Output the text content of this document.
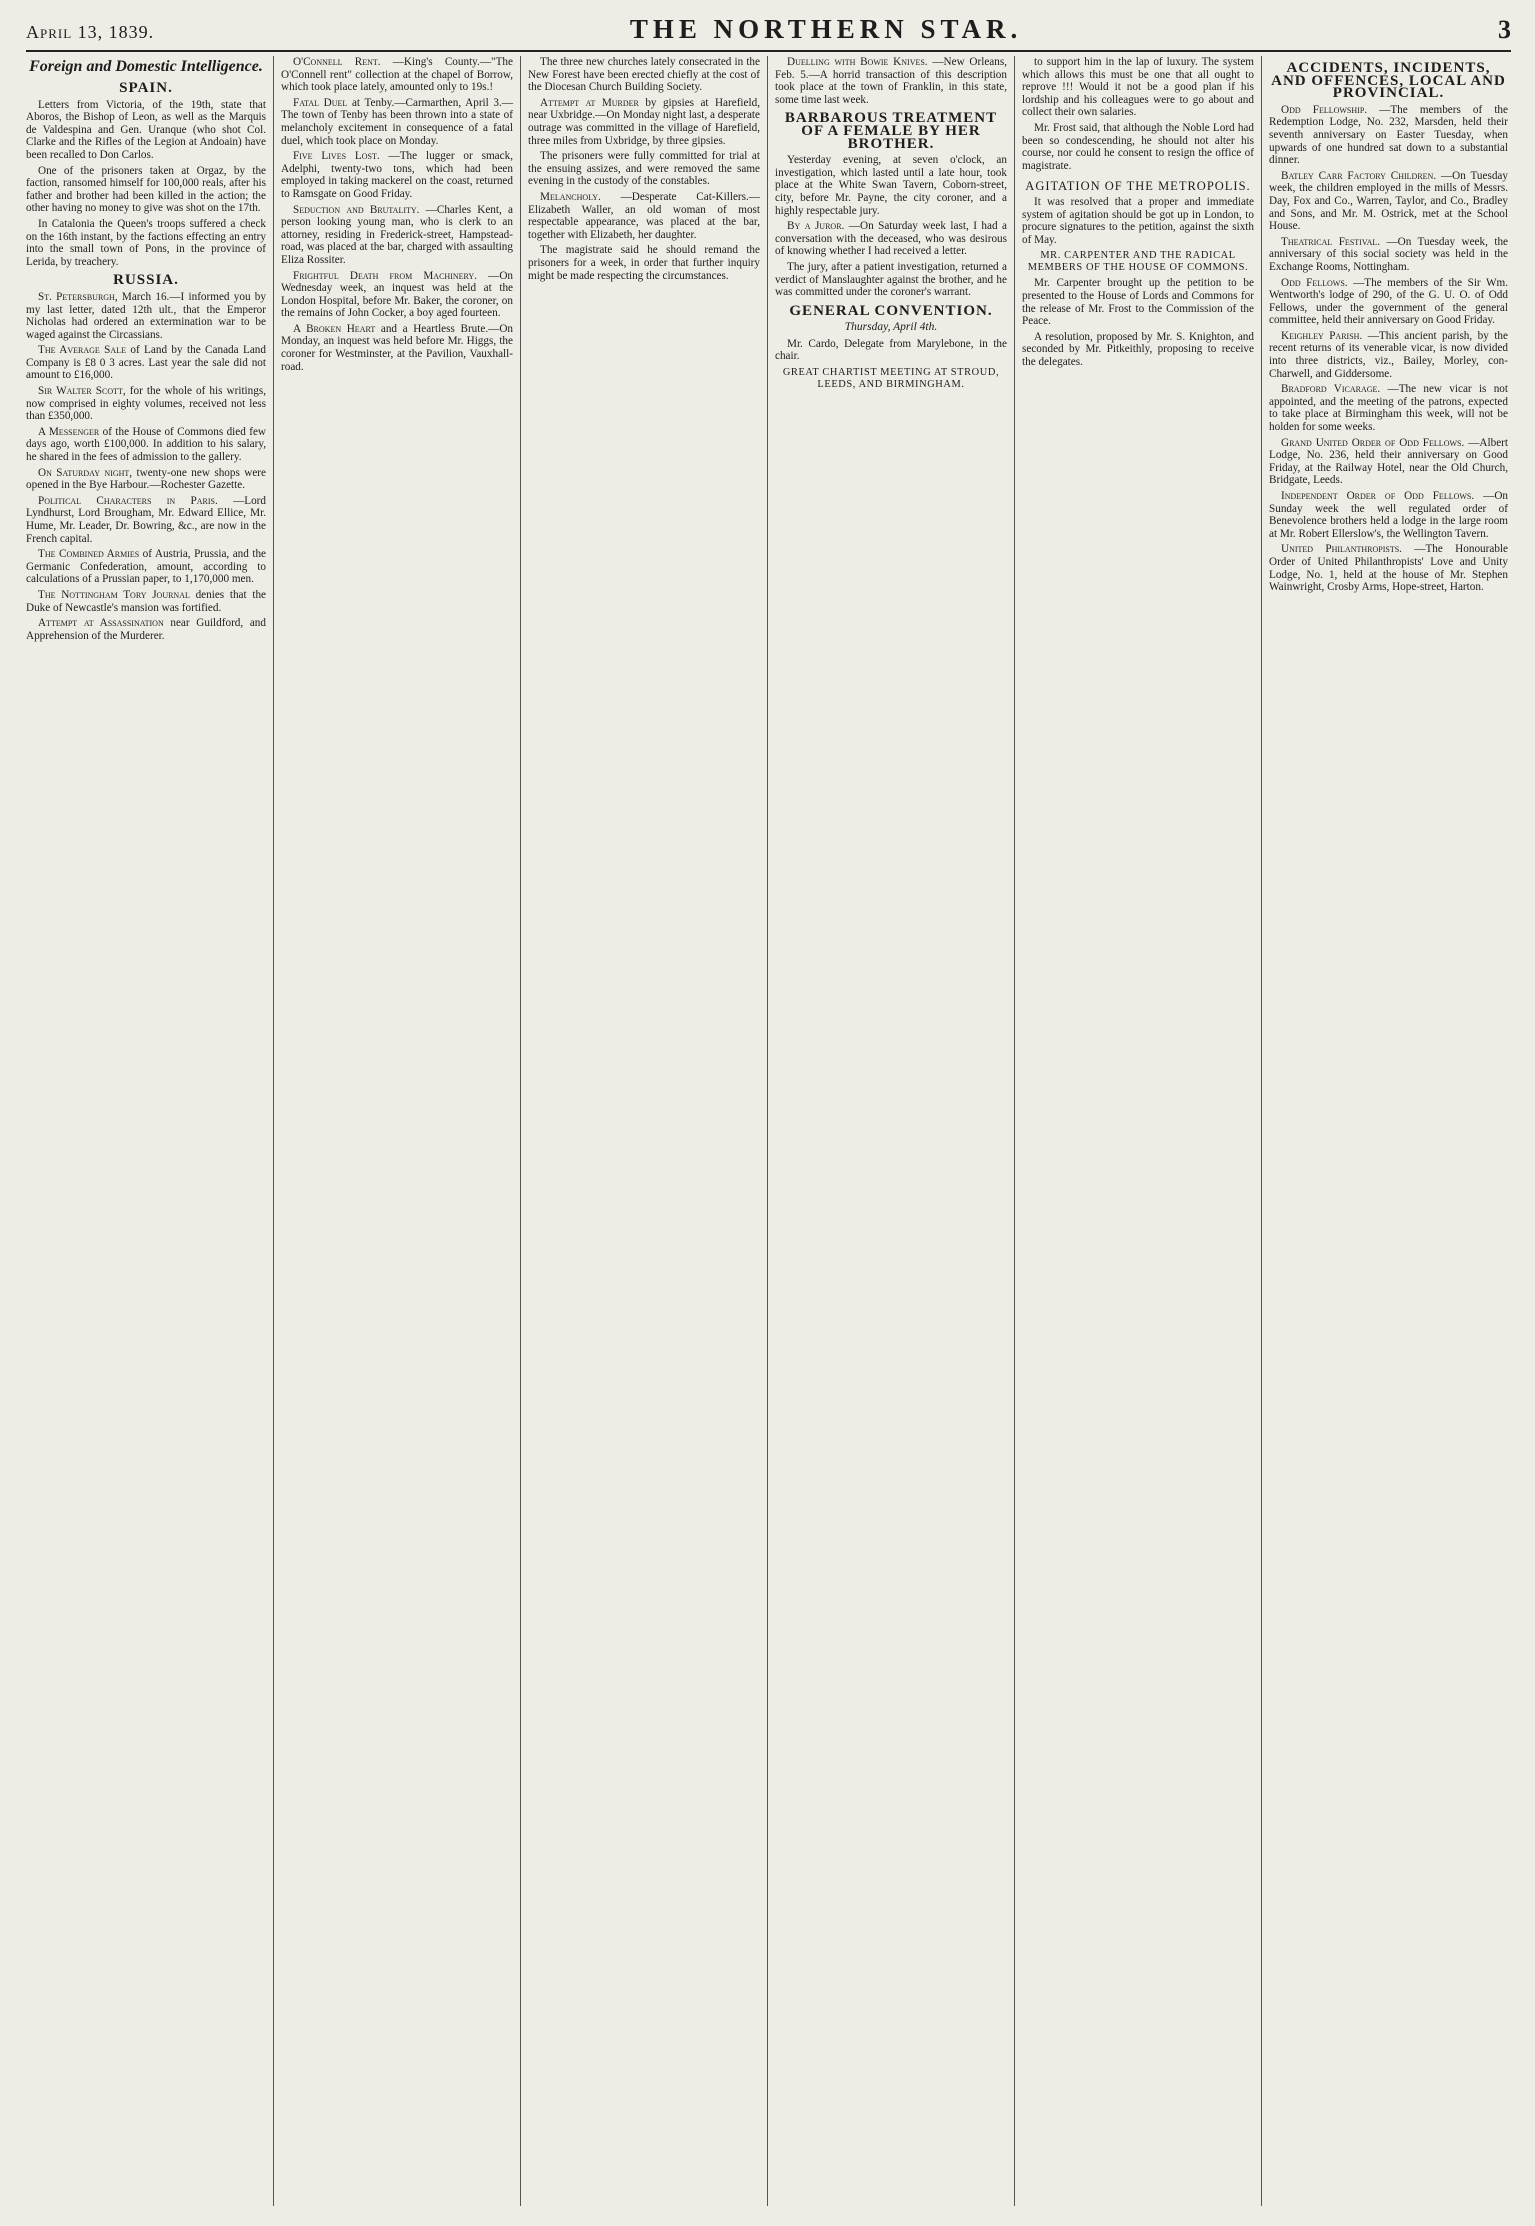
April 13, 1839.	THE NORTHERN STAR.	3
Foreign and Domestic Intelligence.
SPAIN.

Letters from Victoria, of the 19th, state that Aboros, the Bishop of Leon, as well as the Marquis de Valdespina and Gen. Uranque (who shot Col. Clarke and the Rifles of the Legion at Andoain) have been recalled to Don Carlos.

One of the prisoners taken at Orgaz, by the faction, ransomed himself for 100,000 reals, after his father and brother had been killed in the action; the other having no money to give was shot on the 17th.

In Catalonia the Queen's troops suffered a check on the 16th instant, by the factions effecting an entry into the small town of Pons, in the province of Lerida, by treachery.

RUSSIA.

St. Petersburgh, March 16.—I informed you by my last letter, dated 12th ult., that the Emperor Nicholas had ordered an extermination war to be waged against the Circassians.

The Average Sale of Land by the Canada Land Company is £8 0 3 acres. Last year the sale did not amount to £16,000.

Sir Walter Scott, for the whole of his writings, now comprised in eighty volumes, received not less than £350,000.

A Messenger of the House of Commons died few days ago, worth £100,000. In addition to his salary, he shared in the fees of admission to the gallery.

On Saturday night, twenty-one new shops were opened in the Bye Harbour.—Rochester Gazette.

Political Characters in Paris. —Lord Lyndhurst, Lord Brougham, Mr. Edward Ellice, Mr. Hume, Mr. Leader, Dr. Bowring, &c., are now in the French capital.

The Combined Armies of Austria, Prussia, and the Germanic Confederation, amount, according to calculations of a Prussian paper, to 1,170,000 men.

The Nottingham Tory Journal denies that the Duke of Newcastle's mansion was fortified.

Attempt at Assassination near Guildford, and Apprehension of the Murderer.

O'Connell Rent. —King's County.—"The O'Connell rent" collection at the chapel of Borrow, which took place lately, amounted only to 19s.!

Fatal Duel at Tenby.—Carmarthen, April 3.—The town of Tenby has been thrown into a state of melancholy excitement in consequence of a fatal duel, which took place on Monday.

Five Lives Lost. —The lugger or smack, Adelphi, twenty-two tons, which had been employed in taking mackerel on the coast, returned to Ramsgate on Good Friday.

Seduction and Brutality. —Charles Kent, a person looking young man, who is clerk to an attorney, residing in Frederick-street, Hampstead-road, was placed at the bar, charged with assaulting Eliza Rossiter.

Frightful Death from Machinery. —On Wednesday week, an inquest was held at the London Hospital, before Mr. Baker, the coroner, on the remains of John Cocker, a boy aged fourteen.

A Broken Heart and a Heartless Brute.—On Monday, an inquest was held before Mr. Higgs, the coroner for Westminster, at the Pavilion, Vauxhall-road.

The three new churches lately consecrated in the New Forest have been erected chiefly at the cost of the Diocesan Church Building Society.

Attempt at Murder by gipsies at Harefield, near Uxbridge.—On Monday night last, a desperate outrage was committed in the village of Harefield, three miles from Uxbridge, by three gipsies.

The prisoners were fully committed for trial at the ensuing assizes, and were removed the same evening in the custody of the constables.

Melancholy. —Desperate Cat-Killers.—Elizabeth Waller, an old woman of most respectable appearance, was placed at the bar, together with Elizabeth, her daughter.

The magistrate said he should remand the prisoners for a week, in order that further inquiry might be made respecting the circumstances.

Duelling with Bowie Knives. —New Orleans, Feb. 5.—A horrid transaction of this description took place at the town of Franklin, in this state, some time last week.

BARBAROUS TREATMENT OF A FEMALE BY HER BROTHER.

Yesterday evening, at seven o'clock, an investigation, which lasted until a late hour, took place at the White Swan Tavern, Coborn-street, city, before Mr. Payne, the city coroner, and a highly respectable jury.

By a Juror. —On Saturday week last, I had a conversation with the deceased, who was desirous of knowing whether I had received a letter.

The jury, after a patient investigation, returned a verdict of Manslaughter against the brother, and he was committed under the coroner's warrant.

GENERAL CONVENTION.
Thursday, April 4th.

Mr. Cardo, Delegate from Marylebone, in the chair.

GREAT CHARTIST MEETING AT STROUD, LEEDS, AND BIRMINGHAM.

to support him in the lap of luxury. The system which allows this must be one that all ought to reprove !!! Would it not be a good plan if his lordship and his colleagues were to go about and collect their own salaries.

Mr. Frost said, that although the Noble Lord had been so condescending, he should not alter his course, nor could he consent to resign the office of magistrate.

AGITATION OF THE METROPOLIS.

It was resolved that a proper and immediate system of agitation should be got up in London, to procure signatures to the petition, against the sixth of May.

MR. CARPENTER AND THE RADICAL MEMBERS OF THE HOUSE OF COMMONS.

Mr. Carpenter brought up the petition to be presented to the House of Lords and Commons for the release of Mr. Frost to the Commission of the Peace.

A resolution, proposed by Mr. S. Knighton, and seconded by Mr. Pitkeithly, proposing to receive the delegates.

ACCIDENTS, INCIDENTS, AND OFFENCES, LOCAL AND PROVINCIAL.

Odd Fellowship. —The members of the Redemption Lodge, No. 232, Marsden, held their seventh anniversary on Easter Tuesday, when upwards of one hundred sat down to a substantial dinner.

Batley Carr Factory Children. —On Tuesday week, the children employed in the mills of Messrs. Day, Fox and Co., Warren, Taylor, and Co., Bradley and Sons, and Mr. M. Ostrick, met at the School House.

Theatrical Festival. —On Tuesday week, the anniversary of this social society was held in the Exchange Rooms, Nottingham.

Odd Fellows. —The members of the Sir Wm. Wentworth's lodge of 290, of the G. U. O. of Odd Fellows, under the government of the general committee, held their anniversary on Good Friday.

Keighley Parish. —This ancient parish, by the recent returns of its venerable vicar, is now divided into three districts, viz., Bailey, Morley, con-Charwell, and Giddersome.

Bradford Vicarage. —The new vicar is not appointed, and the meeting of the patrons, expected to take place at Birmingham this week, will not be holden for some weeks.

Grand United Order of Odd Fellows. —Albert Lodge, No. 236, held their anniversary on Good Friday, at the Railway Hotel, near the Old Church, Bridgate, Leeds.

Independent Order of Odd Fellows. —On Sunday week the well regulated order of Benevolence brothers held a lodge in the large room at Mr. Robert Ellerslow's, the Wellington Tavern.

United Philanthropists. —The Honourable Order of United Philanthropists' Love and Unity Lodge, No. 1, held at the house of Mr. Stephen Wainwright, Crosby Arms, Hope-street, Harton.
